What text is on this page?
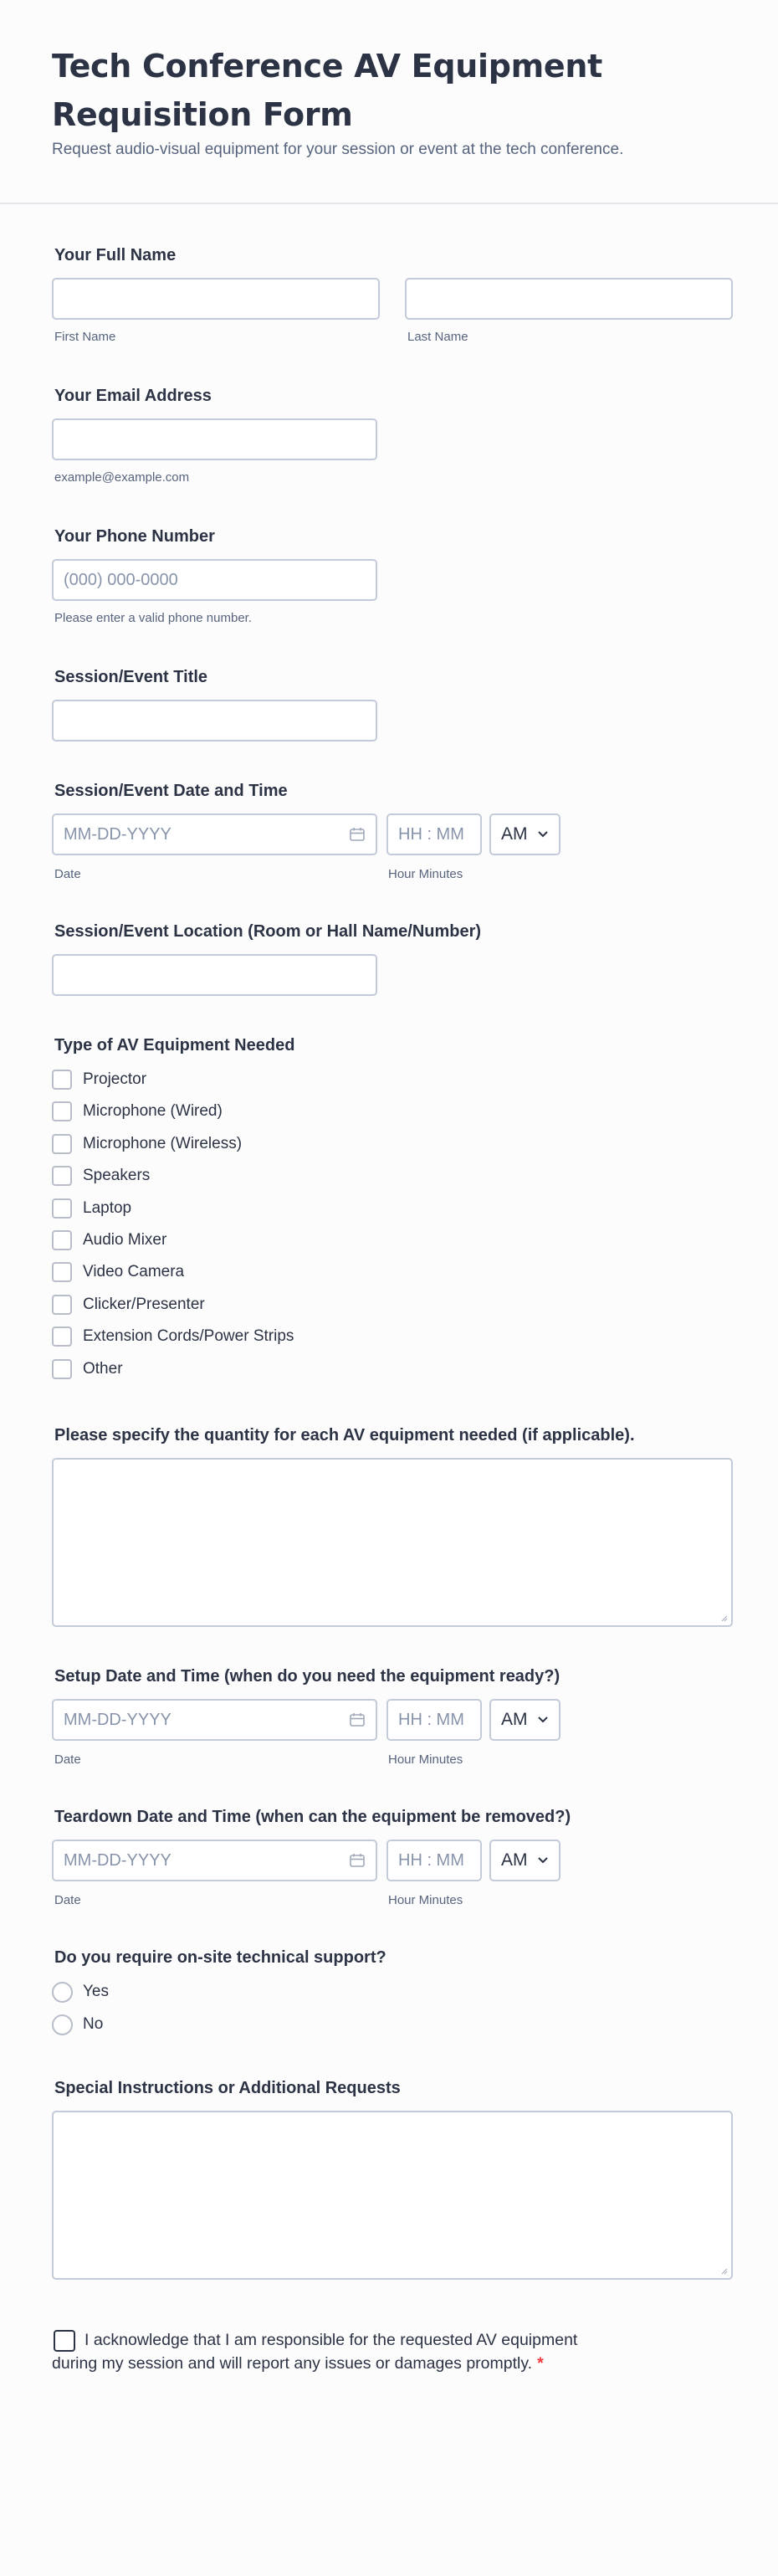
Tech Conference AV Equipment Requisition Form

Request audio-visual equipment for your session or event at the tech conference.

Your Full Name
First Name	Last Name
Your Email Address
example@example.com
Your Phone Number
(000) 000-0000
Please enter a valid phone number.
Session/Event Title
Session/Event Date and Time
MM-DD-YYYY	HH : MM	AM
Date	Hour Minutes
Session/Event Location (Room or Hall Name/Number)
Type of AV Equipment Needed
Projector
Microphone (Wired)
Microphone (Wireless)
Speakers
Laptop
Audio Mixer
Video Camera
Clicker/Presenter
Extension Cords/Power Strips
Other
Please specify the quantity for each AV equipment needed (if applicable).
Setup Date and Time (when do you need the equipment ready?)
MM-DD-YYYY	HH : MM	AM
Date	Hour Minutes
Teardown Date and Time (when can the equipment be removed?)
MM-DD-YYYY	HH : MM	AM
Date	Hour Minutes
Do you require on-site technical support?
Yes
No
Special Instructions or Additional Requests
I acknowledge that I am responsible for the requested AV equipment
during my session and will report any issues or damages promptly. *
